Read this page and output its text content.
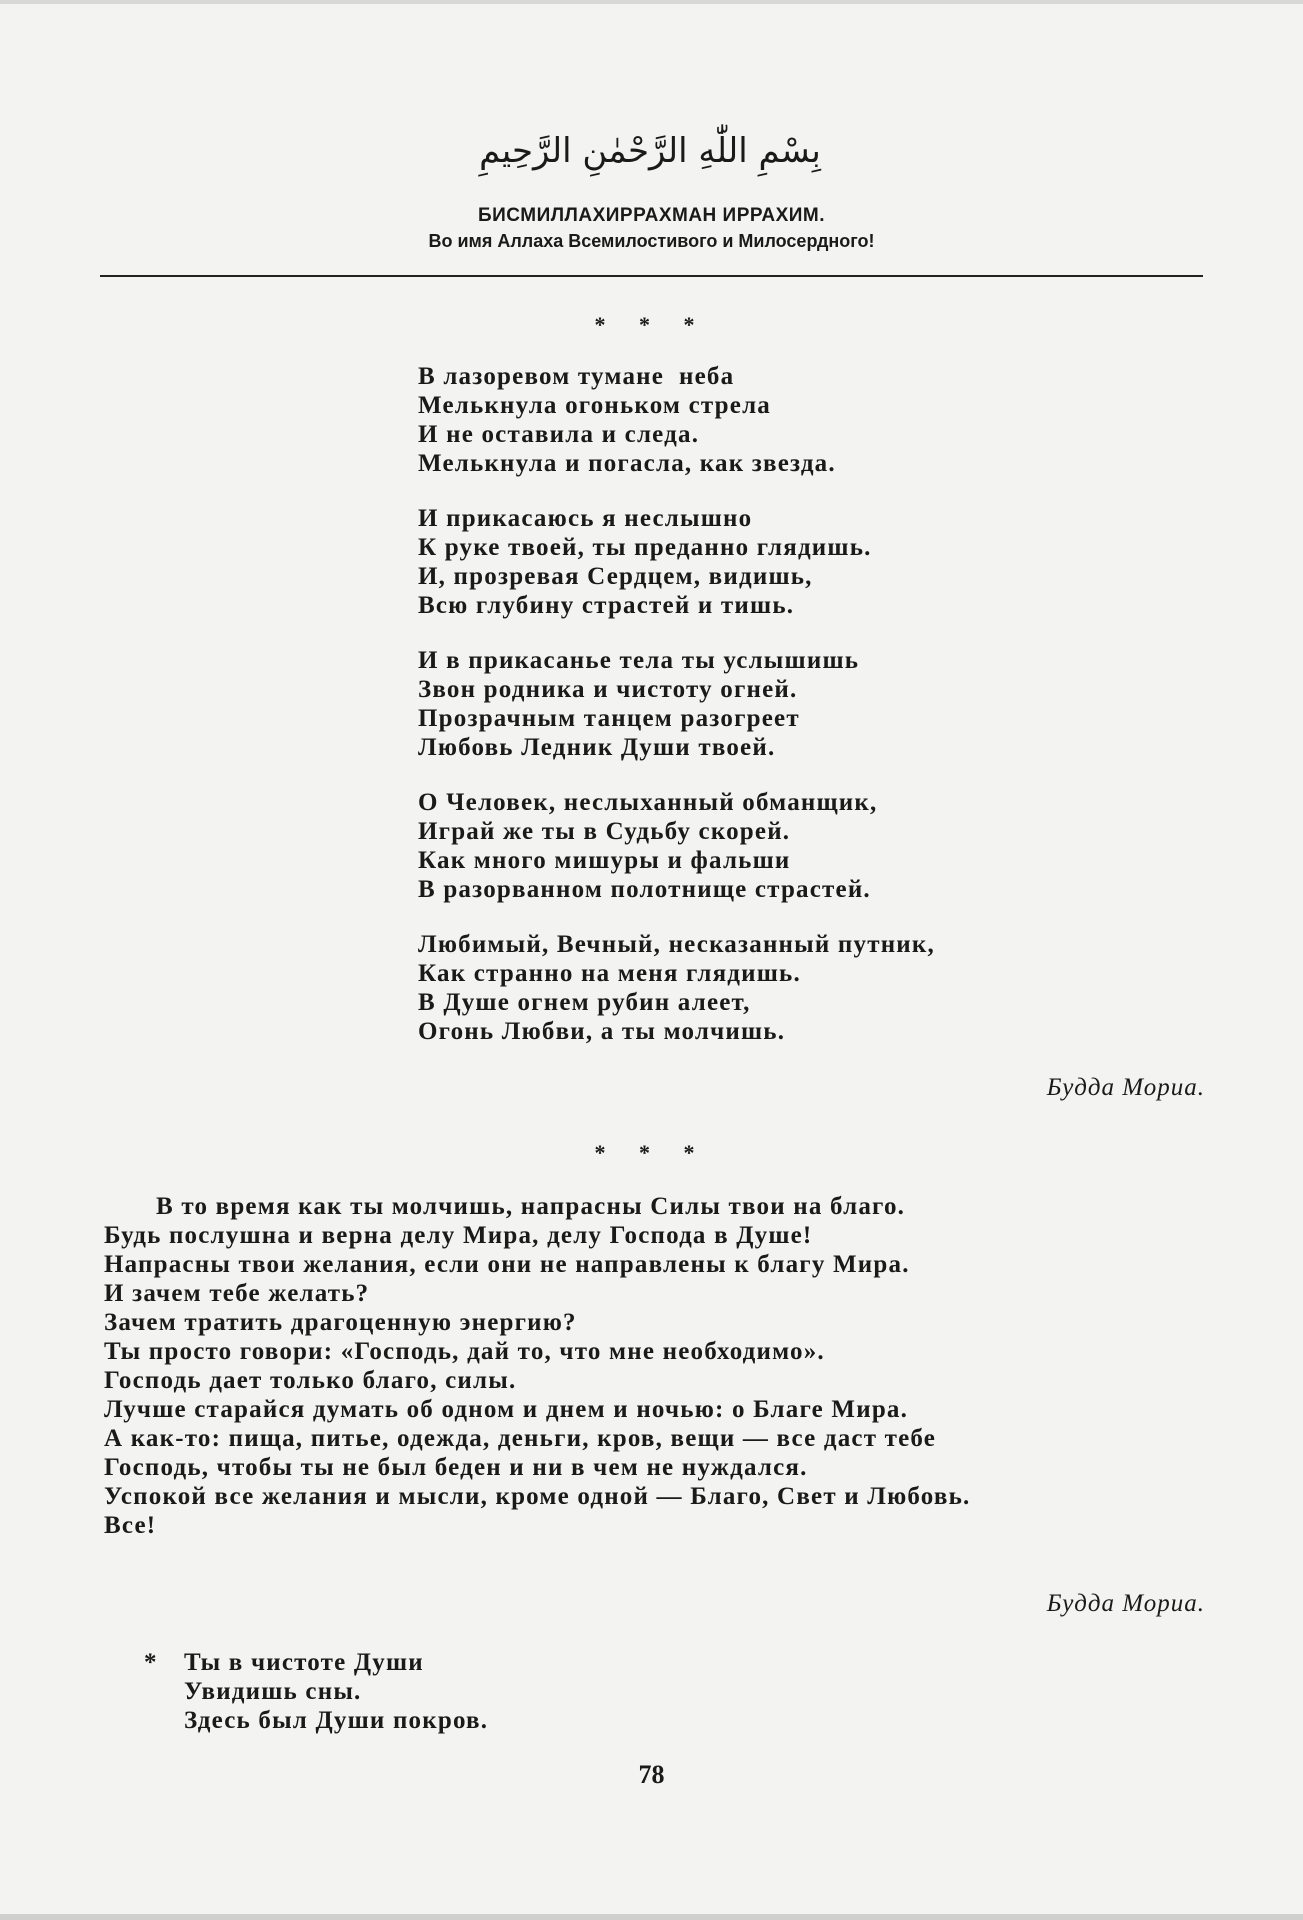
بِسْمِ اللّٰهِ الرَّحْمٰنِ الرَّحِيمِ
БИСМИЛЛАХИРРАХМАН ИРРАХИМ.
Во имя Аллаха Всемилостивого и Милосердного!
* * *
В лазоревом тумане  неба
Мелькнула огоньком стрела
И не оставила и следа.
Мелькнула и погасла, как звезда.
И прикасаюсь я неслышно
К руке твоей, ты преданно глядишь.
И, прозревая Сердцем, видишь,
Всю глубину страстей и тишь.
И в прикасанье тела ты услышишь
Звон родника и чистоту огней.
Прозрачным танцем разогреет
Любовь Ледник Души твоей.
О Человек, неслыханный обманщик,
Играй же ты в Судьбу скорей.
Как много мишуры и фальши
В разорванном полотнище страстей.
Любимый, Вечный, несказанный путник,
Как странно на меня глядишь.
В Душе огнем рубин алеет,
Огонь Любви, а ты молчишь.
Будда Мориа.
* * *
В то время как ты молчишь, напрасны Силы твои на благо.
Будь послушна и верна делу Мира, делу Господа в Душе!
Напрасны твои желания, если они не направлены к благу Мира.
И зачем тебе желать?
Зачем тратить драгоценную энергию?
Ты просто говори: «Господь, дай то, что мне необходимо».
Господь дает только благо, силы.
Лучше старайся думать об одном и днем и ночью: о Благе Мира.
А как-то: пища, питье, одежда, деньги, кров, вещи — все даст тебе
Господь, чтобы ты не был беден и ни в чем не нуждался.
Успокой все желания и мысли, кроме одной — Благо, Свет и Любовь.
Все!
Будда Мориа.
* Ты в чистоте Души
Увидишь сны.
Здесь был Души покров.
78
